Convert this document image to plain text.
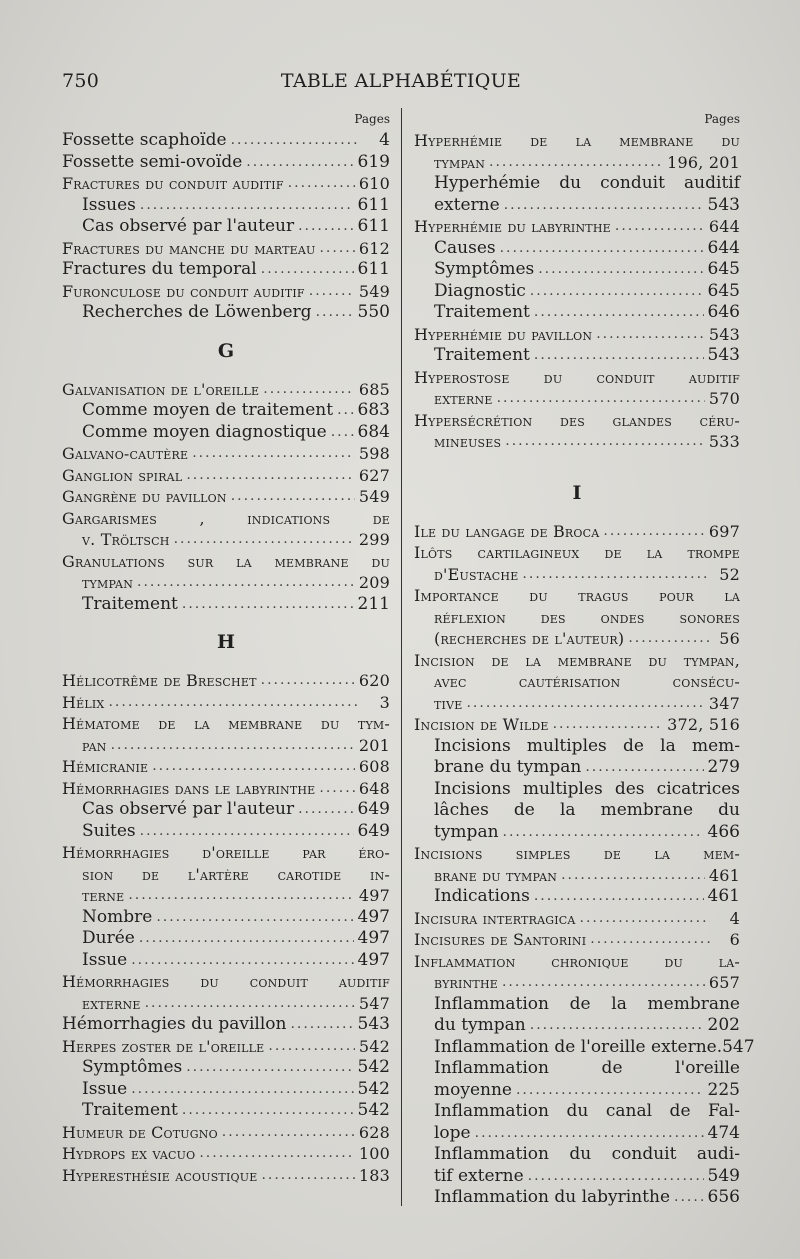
750	TABLE ALPHABÉTIQUE
Pages
Fossette scaphoïde .....	4
Fossette semi-ovoïde .....	619
Fractures du conduit auditif .....	610
Issues .....	611
Cas observé par l'auteur .....	611
Fractures du manche du marteau .....	612
Fractures du temporal .....	611
Furonculose du conduit auditif .....	549
Recherches de Löwenberg .....	550
G
Galvanisation de l'oreille .....	685
Comme moyen de traitement ..... 683
Comme moyen diagnostique ..... 684
Galvano-cautère .....	598
Ganglion spiral .....	627
Gangrène du pavillon .....	549
Gargarismes , indications de
v. Tröltsch .....	299
Granulations sur la membrane du
tympan .....	209
Traitement .....	211
H
Hélicotrême de Breschet .....	620
Hélix .....	3
Hématome de la membrane du tym-
pan .....	201
Hémicranie .....	608
Hémorrhagies dans le labyrinthe .....	648
Cas observé par l'auteur .....	649
Suites .....	649
Hémorrhagies d'oreille par éro-
sion de l'artère carotide in-
terne .....	497
Nombre .....	497
Durée .....	497
Issue .....	497
Hémorrhagies du conduit auditif
externe .....	547
Hémorrhagies du pavillon .....	543
Herpes zoster de l'oreille .....	542
Symptômes .....	542
Issue .....	542
Traitement .....	542
Humeur de Cotugno .....	628
Hydrops ex vacuo .....	100
Hyperesthésie acoustique .....	183
Pages
Hyperhémie de la membrane du
tympan .....	196, 201
Hyperhémie du conduit auditif
externe .....	543
Hyperhémie du labyrinthe .....	644
Causes .....	644
Symptômes .....	645
Diagnostic .....	645
Traitement .....	646
Hyperhémie du pavillon .....	543
Traitement .....	543
Hyperostose du conduit auditif
externe .....	570
Hypersécrétion des glandes céru-
mineuses .....	533
I
Ile du langage de Broca .....	697
Ilôts cartilagineux de la trompe
d'Eustache .....	52
Importance du tragus pour la
réflexion des ondes sonores
(recherches de l'auteur) .....	56
Incision de la membrane du tympan,
avec cautérisation consécu-
tive .....	347
Incision de Wilde .....	372, 516
Incisions multiples de la mem-
brane du tympan .....	279
Incisions multiples des cicatrices
lâches de la membrane du
tympan .....	466
Incisions simples de la mem-
brane du tympan .....	461
Indications .....	461
Incisura intertragica .....	4
Incisures de Santorini .....	6
Inflammation chronique du la-
byrinthe .....	657
Inflammation de la membrane
du tympan .....	202
Inflammation de l'oreille externe. 547
Inflammation de l'oreille
moyenne .....	225
Inflammation du canal de Fal-
lope .....	474
Inflammation du conduit audi-
tif externe .....	549
Inflammation du labyrinthe ..... 656
